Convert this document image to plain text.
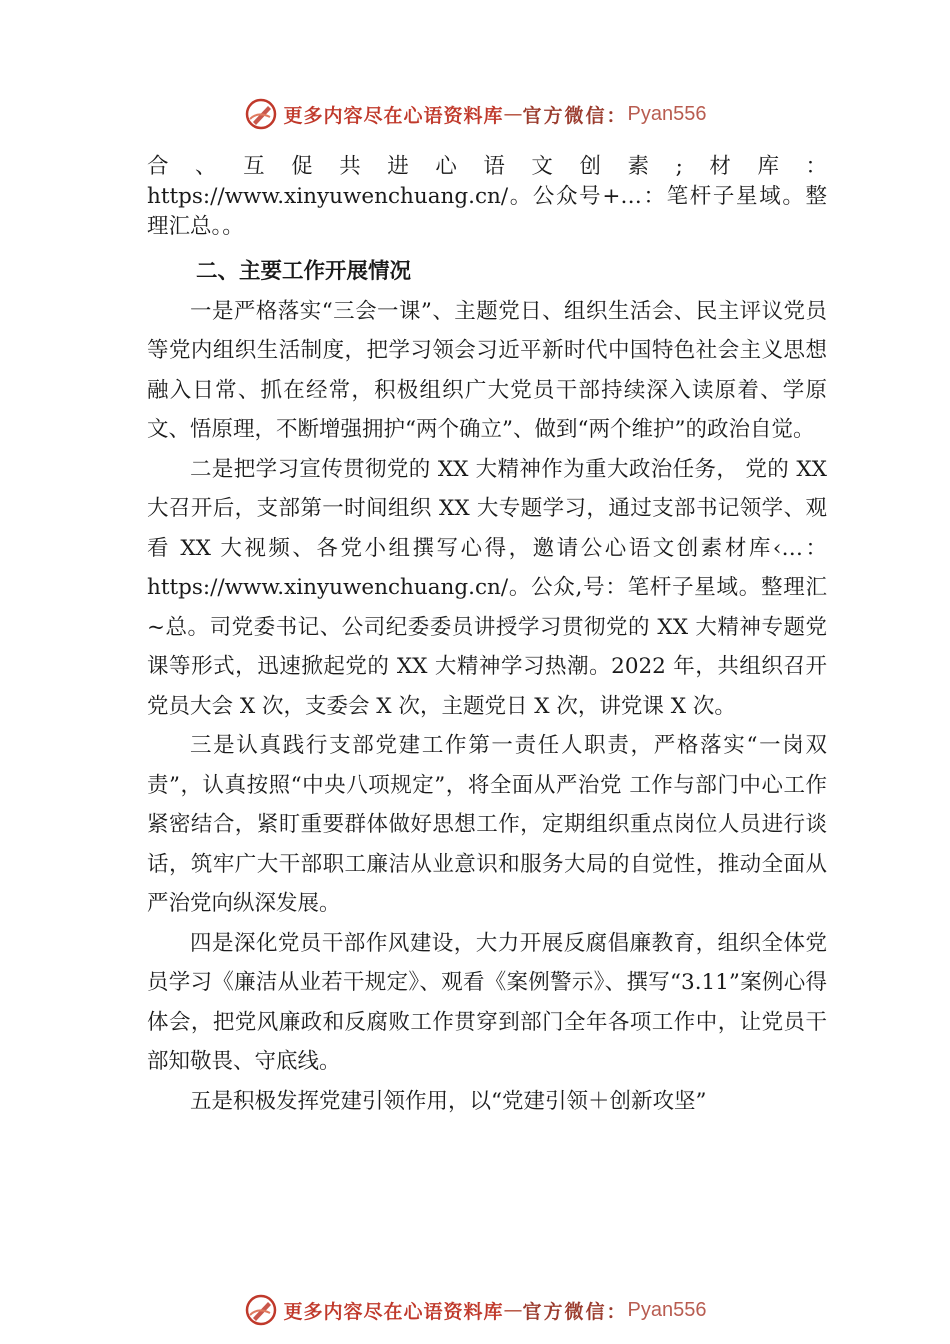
更多内容尽在心语资料库 — 官方微信： Pyan556

合、互促共进心语文创素;材库：https://www.xinyuwenchuang.cn/。公众号+…：笔杆子星域。整理汇总。。

二、主要工作开展情况

一是严格落实“三会一课”、主题党日、组织生活会、民主评议党员等党内组织生活制度，把学习领会习近平新时代中国特色社会主义思想融入日常、抓在经常，积极组织广大党员干部持续深入读原着、学原文、悟原理，不断增强拥护“两个确立”、做到“两个维护”的政治自觉。

二是把学习宣传贯彻党的 XX 大精神作为重大政治任务， 党的 XX 大召开后，支部第一时间组织 XX 大专题学习，通过支部书记领学、观看 XX 大视频、各党小组撰写心得，邀请公心语文创素材库‹…：https://www.xinyuwenchuang.cn/。公众,号：笔杆子星域。整理汇~总。司党委书记、公司纪委委员讲授学习贯彻党的 XX 大精神专题党课等形式，迅速掀起党的 XX 大精神学习热潮。2022 年，共组织召开党员大会 X 次，支委会 X 次，主题党日 X 次，讲党课 X 次。

三是认真践行支部党建工作第一责任人职责，严格落实“一岗双责”，认真按照“中央八项规定”，将全面从严治党 工作与部门中心工作紧密结合，紧盯重要群体做好思想工作，定期组织重点岗位人员进行谈话，筑牢广大干部职工廉洁从业意识和服务大局的自觉性，推动全面从严治党向纵深发展。

四是深化党员干部作风建设，大力开展反腐倡廉教育，组织全体党员学习《廉洁从业若干规定》、观看《案例警示》、撰写“3.11”案例心得体会，把党风廉政和反腐败工作贯穿到部门全年各项工作中，让党员干部知敬畏、守底线。

五是积极发挥党建引领作用，以“党建引领＋创新攻坚”

更多内容尽在心语资料库 — 官方微信： Pyan556
